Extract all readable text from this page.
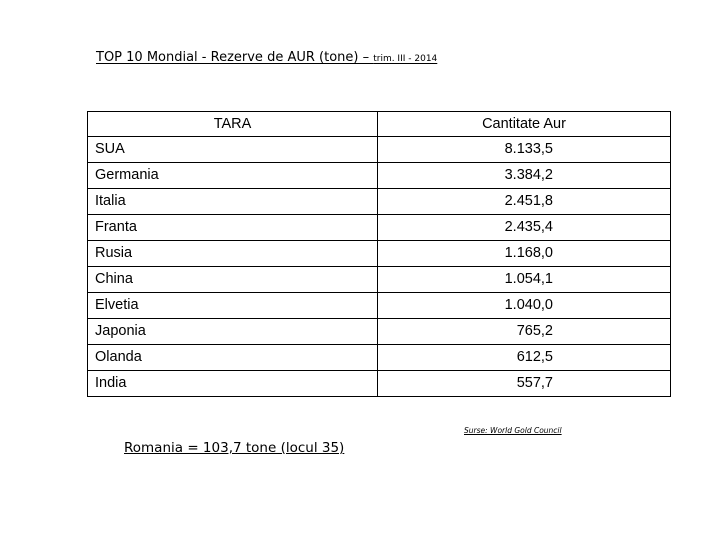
TOP 10 Mondial - Rezerve de AUR (tone) – trim. III - 2014
TARA	Cantitate Aur
SUA	8.133,5
Germania	3.384,2
Italia	2.451,8
Franta	2.435,4
Rusia	1.168,0
China	1.054,1
Elvetia	1.040,0
Japonia	765,2
Olanda	612,5
India	557,7
Surse: World Gold Council
Romania = 103,7 tone (locul 35)
